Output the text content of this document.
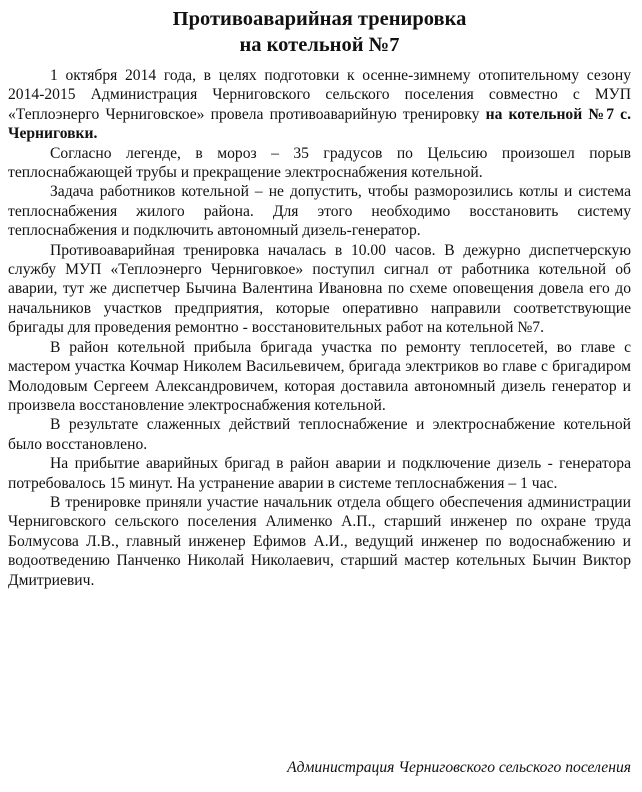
Противоаварийная тренировка
на котельной №7

1 октября 2014 года, в целях подготовки к осенне-зимнему отопительному сезону 2014-2015 Администрация Черниговского сельского поселения совместно с МУП «Теплоэнерго Черниговское» провела противоаварийную тренировку на котельной №7 с. Черниговки.

Согласно легенде, в мороз – 35 градусов по Цельсию произошел порыв теплоснабжающей трубы и прекращение электроснабжения котельной.

Задача работников котельной – не допустить, чтобы разморозились котлы и система теплоснабжения жилого района. Для этого необходимо восстановить систему теплоснабжения и подключить автономный дизель-генератор.

Противоаварийная тренировка началась в 10.00 часов. В дежурно диспетчерскую службу МУП «Теплоэнерго Черниговкое» поступил сигнал от работника котельной об аварии, тут же диспетчер Бычина Валентина Ивановна по схеме оповещения довела его до начальников участков предприятия, которые оперативно направили соответствующие бригады для проведения ремонтно - восстановительных работ на котельной №7.

В район котельной прибыла бригада участка по ремонту теплосетей, во главе с мастером участка Кочмар Николем Васильевичем, бригада электриков во главе с бригадиром Молодовым Сергеем Александровичем, которая доставила автономный дизель генератор и произвела восстановление электроснабжения котельной.

В результате слаженных действий теплоснабжение и электроснабжение котельной было восстановлено.

На прибытие аварийных бригад в район аварии и подключение дизель - генератора потребовалось 15 минут. На устранение аварии в системе теплоснабжения – 1 час.

В тренировке приняли участие начальник отдела общего обеспечения администрации Черниговского сельского поселения Алименко А.П., старший инженер по охране труда Болмусова Л.В., главный инженер Ефимов А.И., ведущий инженер по водоснабжению и водоотведению Панченко Николай Николаевич, старший мастер котельных Бычин Виктор Дмитриевич.

Администрация Черниговского сельского поселения
